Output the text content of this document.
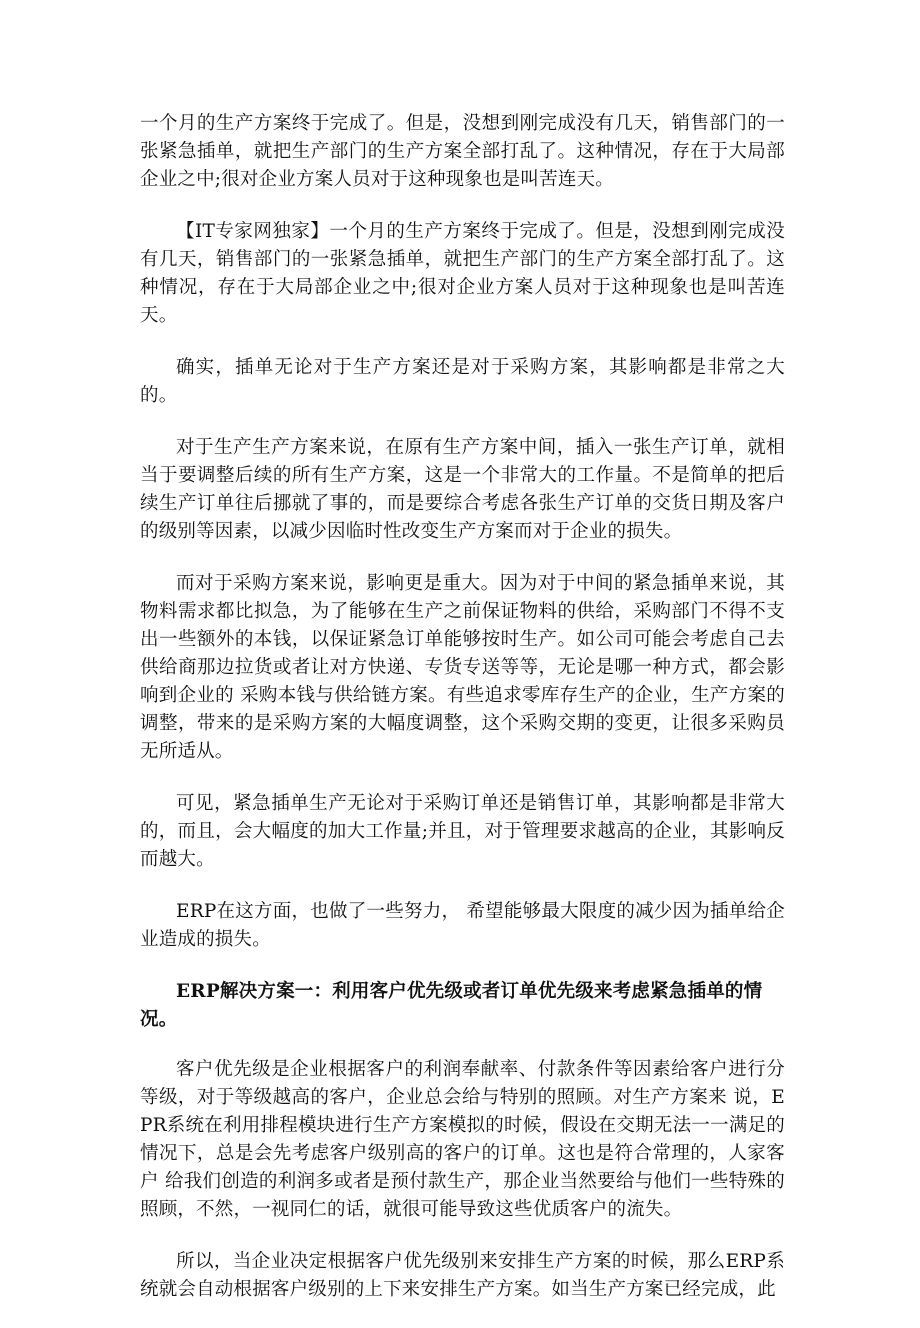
一个月的生产方案终于完成了。但是，没想到刚完成没有几天，销售部门的一张紧急插单，就把生产部门的生产方案全部打乱了。这种情况，存在于大局部企业之中;很对企业方案人员对于这种现象也是叫苦连天。

【IT专家网独家】一个月的生产方案终于完成了。但是，没想到刚完成没有几天，销售部门的一张紧急插单，就把生产部门的生产方案全部打乱了。这种情况，存在于大局部企业之中;很对企业方案人员对于这种现象也是叫苦连天。

确实，插单无论对于生产方案还是对于采购方案，其影响都是非常之大的。

对于生产生产方案来说，在原有生产方案中间，插入一张生产订单，就相当于要调整后续的所有生产方案，这是一个非常大的工作量。不是简单的把后续生产订单往后挪就了事的，而是要综合考虑各张生产订单的交货日期及客户的级别等因素，以减少因临时性改变生产方案而对于企业的损失。

而对于采购方案来说，影响更是重大。因为对于中间的紧急插单来说，其物料需求都比拟急，为了能够在生产之前保证物料的供给，采购部门不得不支出一些额外的本钱，以保证紧急订单能够按时生产。如公司可能会考虑自己去供给商那边拉货或者让对方快递、专货专送等等，无论是哪一种方式，都会影响到企业的 采购本钱与供给链方案。有些追求零库存生产的企业，生产方案的调整，带来的是采购方案的大幅度调整，这个采购交期的变更，让很多采购员无所适从。

可见，紧急插单生产无论对于采购订单还是销售订单，其影响都是非常大的，而且，会大幅度的加大工作量;并且，对于管理要求越高的企业，其影响反而越大。

ERP在这方面，也做了一些努力， 希望能够最大限度的减少因为插单给企业造成的损失。

ERP解决方案一：利用客户优先级或者订单优先级来考虑紧急插单的情况。

客户优先级是企业根据客户的利润奉献率、付款条件等因素给客户进行分等级，对于等级越高的客户，企业总会给与特别的照顾。对生产方案来 说，EPR系统在利用排程模块进行生产方案模拟的时候，假设在交期无法一一满足的情况下，总是会先考虑客户级别高的客户的订单。这也是符合常理的，人家客户 给我们创造的利润多或者是预付款生产，那企业当然要给与他们一些特殊的照顾，不然，一视同仁的话，就很可能导致这些优质客户的流失。

所以，当企业决定根据客户优先级别来安排生产方案的时候，那么ERP系统就会自动根据客户级别的上下来安排生产方案。如当生产方案已经完成，此
